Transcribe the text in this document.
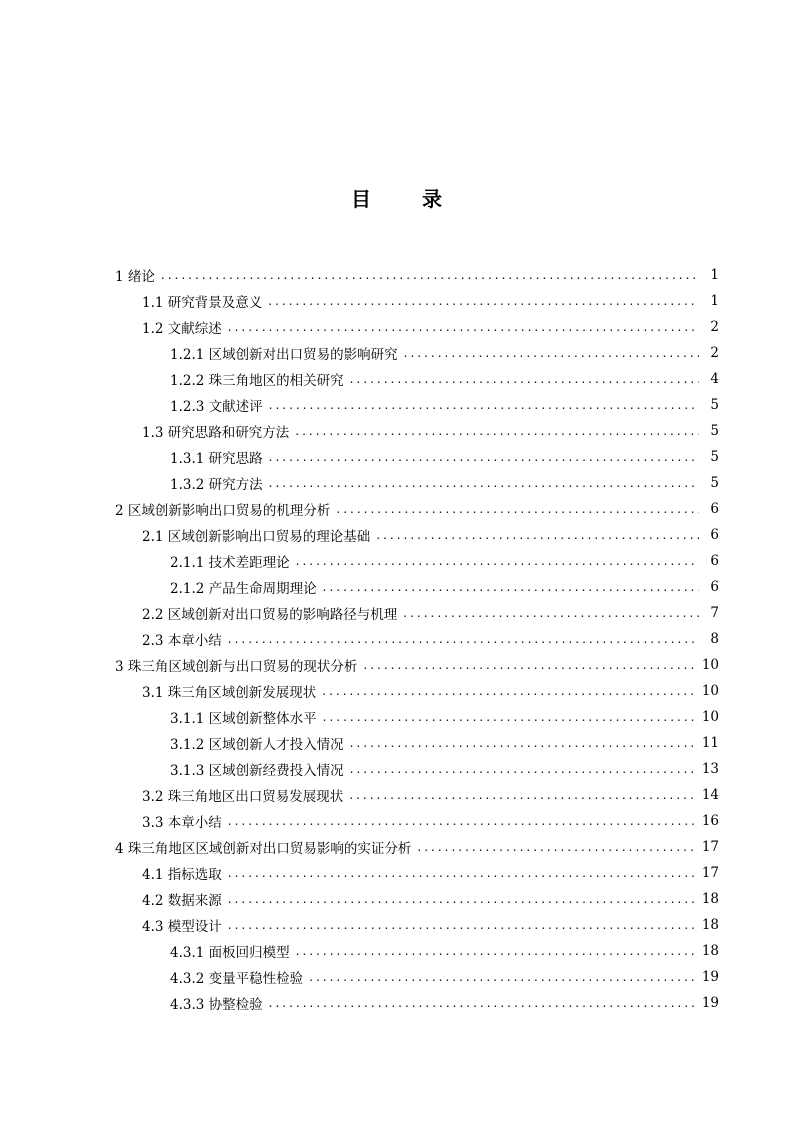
目 录
1 绪论 .....	1
1.1 研究背景及意义 .....	1
1.2 文献综述 .....	2
1.2.1 区域创新对出口贸易的影响研究 .....	2
1.2.2 珠三角地区的相关研究 .....	4
1.2.3 文献述评 .....	5
1.3 研究思路和研究方法 .....	5
1.3.1 研究思路 .....	5
1.3.2 研究方法 .....	5
2 区域创新影响出口贸易的机理分析 .....	6
2.1 区域创新影响出口贸易的理论基础 .....	6
2.1.1 技术差距理论 .....	6
2.1.2 产品生命周期理论 .....	6
2.2 区域创新对出口贸易的影响路径与机理 .....	7
2.3 本章小结 .....	8
3 珠三角区域创新与出口贸易的现状分析 .....	10
3.1 珠三角区域创新发展现状 .....	10
3.1.1 区域创新整体水平 .....	10
3.1.2 区域创新人才投入情况 .....	11
3.1.3 区域创新经费投入情况 .....	13
3.2 珠三角地区出口贸易发展现状 .....	14
3.3 本章小结 .....	16
4 珠三角地区区域创新对出口贸易影响的实证分析 .....	17
4.1 指标选取 .....	17
4.2 数据来源 .....	18
4.3 模型设计 .....	18
4.3.1 面板回归模型 .....	18
4.3.2 变量平稳性检验 .....	19
4.3.3 协整检验 .....	19
